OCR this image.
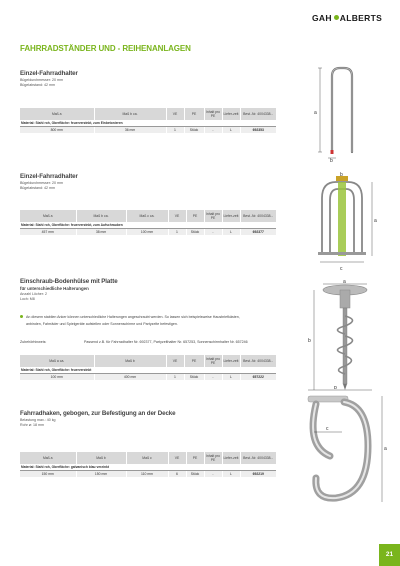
GAH ALBERTS
FAHRRADSTÄNDER UND - REIHENANLAGEN
Einzel-Fahrradhalter
Bügeldurchmesser: 20 mm
Bügelabstand: 42 mm
Maß a	Maß b ca.	VE	PE	Inhalt pro PE	Liefer-zeit	Best.-Nr. 4004338...
Material: Stahl roh, Oberfläche: feuerverzinkt, zum Einbetonieren						
800 mm	36 mm	1	Stück	-	L	692353
a
b
Einzel-Fahrradhalter
Bügeldurchmesser: 20 mm
Bügelabstand: 42 mm
Maß a	Maß b ca.	Maß c ca.	VE	PE	Inhalt pro PE	Liefer-zeit	Best.-Nr. 4004338...
Material: Stahl roh, Oberfläche: feuerverzinkt, zum Aufschrauben							
457 mm	38 mm	100 mm	1	Stück	-	L	692377
b
a
c
Einschraub-Bodenhülse mit Platte
für unterschiedliche Halterungen
Anzahl Löcher: 2
Loch: M8
An diesem stabilen Anker können unterschiedliche Halterungen angeschraubt werden. So lassen sich beispielsweise Hausbriefkästen,
anbinden, Fahrräder und Spielgeräte aufstellen oder Sonnenschirme und Partyzelte befestigen.
Zubehörhinweis:	Passend z.B. für Fahrradhalter Nr. 692377, Partyzelthalter Nr. 657253, Sonnenschirmhalter Nr. 657246
Maß a ca.	Maß b	VE	PE	Inhalt pro PE	Liefer-zeit	Best.-Nr. 4004338...
Material: Stahl roh, Oberfläche: feuerverzinkt						
100 mm	400 mm	1	Stück	-	L	657222
a
b
Fahrradhaken, gebogen, zur Befestigung an der Decke
Belastung max.: 40 kg
Rohr ø: 18 mm
Maß a	Maß b	Maß c	VE	PE	Inhalt pro PE	Liefer-zeit	Best.-Nr. 4004338...
Material: Stahl roh, Oberfläche: galvanisch blau verzinkt							
150 mm	150 mm	110 mm	6	Stück	-	L	692219
b
c
a
21
